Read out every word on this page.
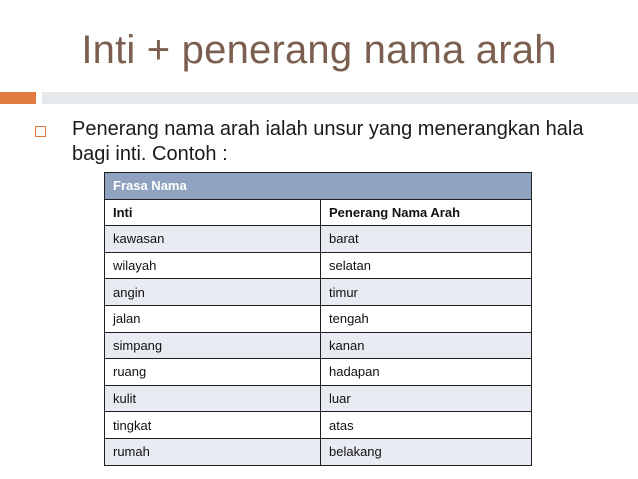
Inti + penerang nama arah
Penerang nama arah ialah unsur yang menerangkan hala bagi inti. Contoh :
Frasa Nama	
Inti	Penerang Nama Arah
kawasan	barat
wilayah	selatan
angin	timur
jalan	tengah
simpang	kanan
ruang	hadapan
kulit	luar
tingkat	atas
rumah	belakang
